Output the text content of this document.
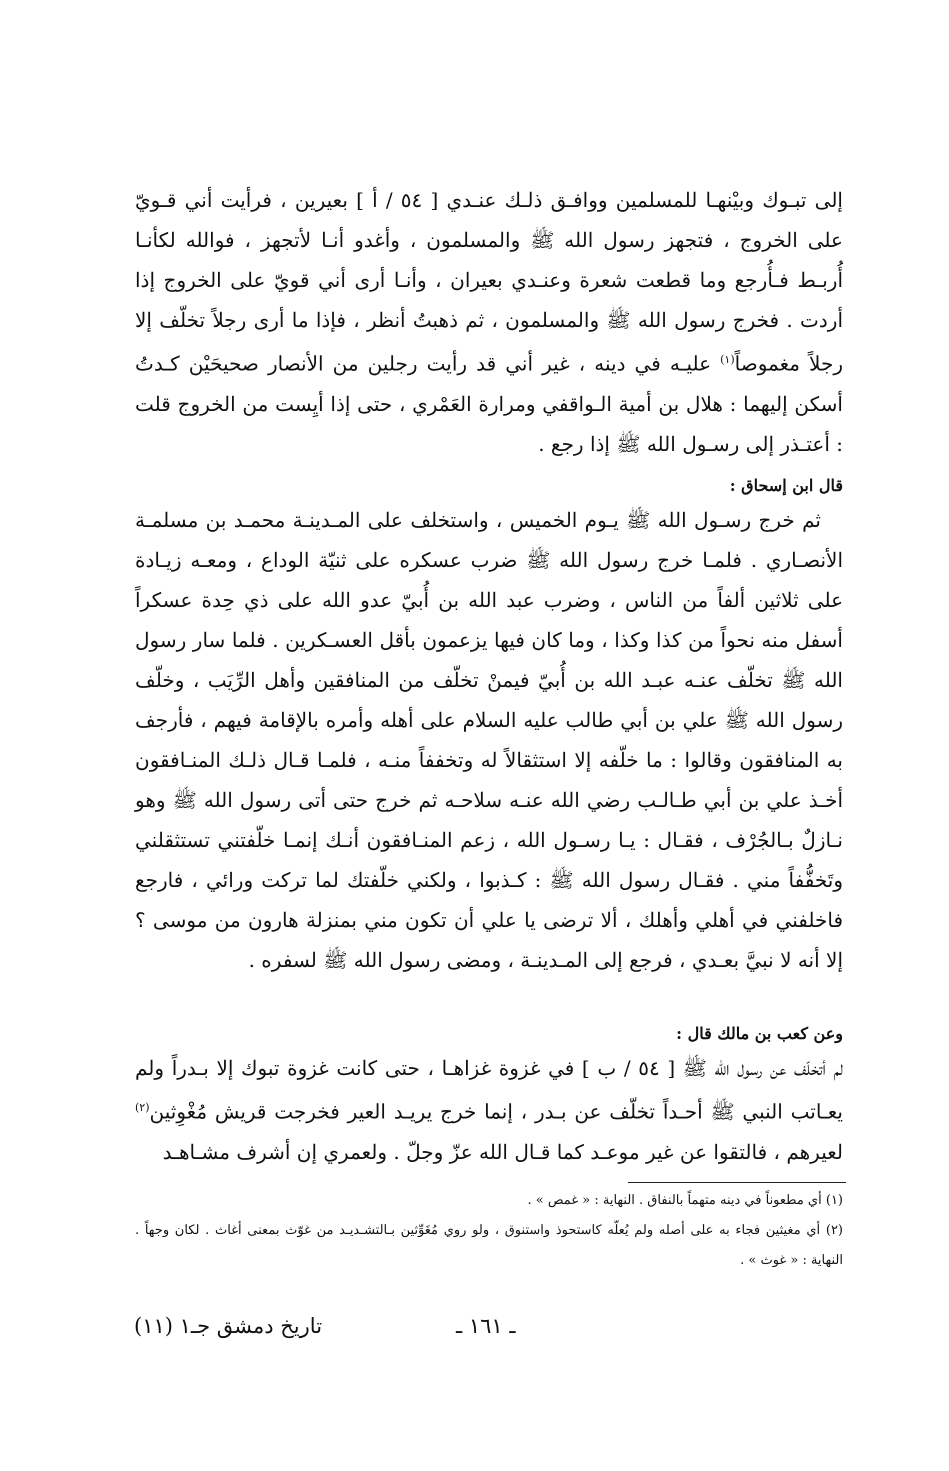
إلى تبـوك وبيْنهـا للمسلمين ووافـق ذلـك عنـدي [ ٥٤ / أ ] بعيرين ، فرأيت أني قـويّ على الخروج ، فتجهز رسول الله ﷺ والمسلمون ، وأغدو أنـا لأتجهز ، فوالله لكأنـا أُربـط فـأُرجع وما قطعت شعرة وعنـدي بعيران ، وأنـا أرى أني قويّ على الخروج إذا أردت . فخرج رسول الله ﷺ والمسلمون ، ثم ذهبتُ أنظر ، فإذا ما أرى رجلاً تخلّف إلا رجلاً مغموصاً$^{(١)}$ عليـه في دينه ، غير أني قد رأيت رجلين من الأنصار صحيحَيْن كـدتُ أسكن إليهما : هلال بن أمية الـواقفي ومرارة العَمْري ، حتى إذا أيِست من الخروج قلت : أعتـذر إلى رسـول الله ﷺ إذا رجع .

قال ابن إسحاق :

ثم خرج رسـول الله ﷺ يـوم الخميس ، واستخلف على المـدينـة محمـد بن مسلمـة الأنصـاري . فلمـا خرج رسول الله ﷺ ضرب عسكره على ثنيّة الوداع ، ومعـه زيـادة على ثلاثين ألفاً من الناس ، وضرب عبد الله بن أُبيّ عدو الله على ذي حِدة عسكراً أسفل منه نحواً من كذا وكذا ، وما كان فيها يزعمون بأقل العسـكرين . فلما سار رسول الله ﷺ تخلّف عنـه عبـد الله بن أُبيّ فيمنْ تخلّف من المنافقين وأهل الرِّيَب ، وخلّف رسول الله ﷺ علي بن أبي طالب عليه السلام على أهله وأمره بالإقامة فيهم ، فأرجف به المنافقون وقالوا : ما خلّفه إلا استثقالاً له وتخففاً منـه ، فلمـا قـال ذلـك المنـافقون أخـذ علي بن أبي طـالـب رضي الله عنـه سلاحـه ثم خرج حتى أتى رسول الله ﷺ وهو نـازلٌ بـالجُرْف ، فقـال : يـا رسـول الله ، زعم المنـافقون أنـك إنمـا خلّفتني تستثقلني وتَخفُّفاً مني . فقـال رسول الله ﷺ : كـذبوا ، ولكني خلّفتك لما تركت ورائي ، فارجع فاخلفني في أهلي وأهلك ، ألا ترضى يا علي أن تكون مني بمنزلة هارون من موسى ؟ إلا أنه لا نبيَّ بعـدي ، فرجع إلى المـدينـة ، ومضى رسول الله ﷺ لسفره .

وعن كعب بن مالك قال :

لم أتخلّف عن رسول الله ﷺ [ ٥٤ / ب ] في غزوة غزاهـا ، حتى كانت غزوة تبوك إلا بـدراً ولم يعـاتب النبي ﷺ أحـداً تخلّف عن بـدر ، إنما خرج يريـد العير فخرجت قريش مُغْوِثين$^{(٢)}$ لعيرهم ، فالتقوا عن غير موعـد كما قـال الله عزّ وجلّ . ولعمري إن أشرف مشـاهـد

(١) أي مطعوناً في دينه متهماً بالنفاق . النهاية : « غمص » .

(٢) أي مغيثين فجاء به على أصله ولم يُعلّه كاستحوذ واستنوق ، ولو روي مُغَوِّثين بـالتشـديـد من غوّث بمعنى أغاث . لكان وجهاً . النهاية : « غوث » .

ـ ١٦١ ـ
تاريخ دمشق جـ١ (١١)
